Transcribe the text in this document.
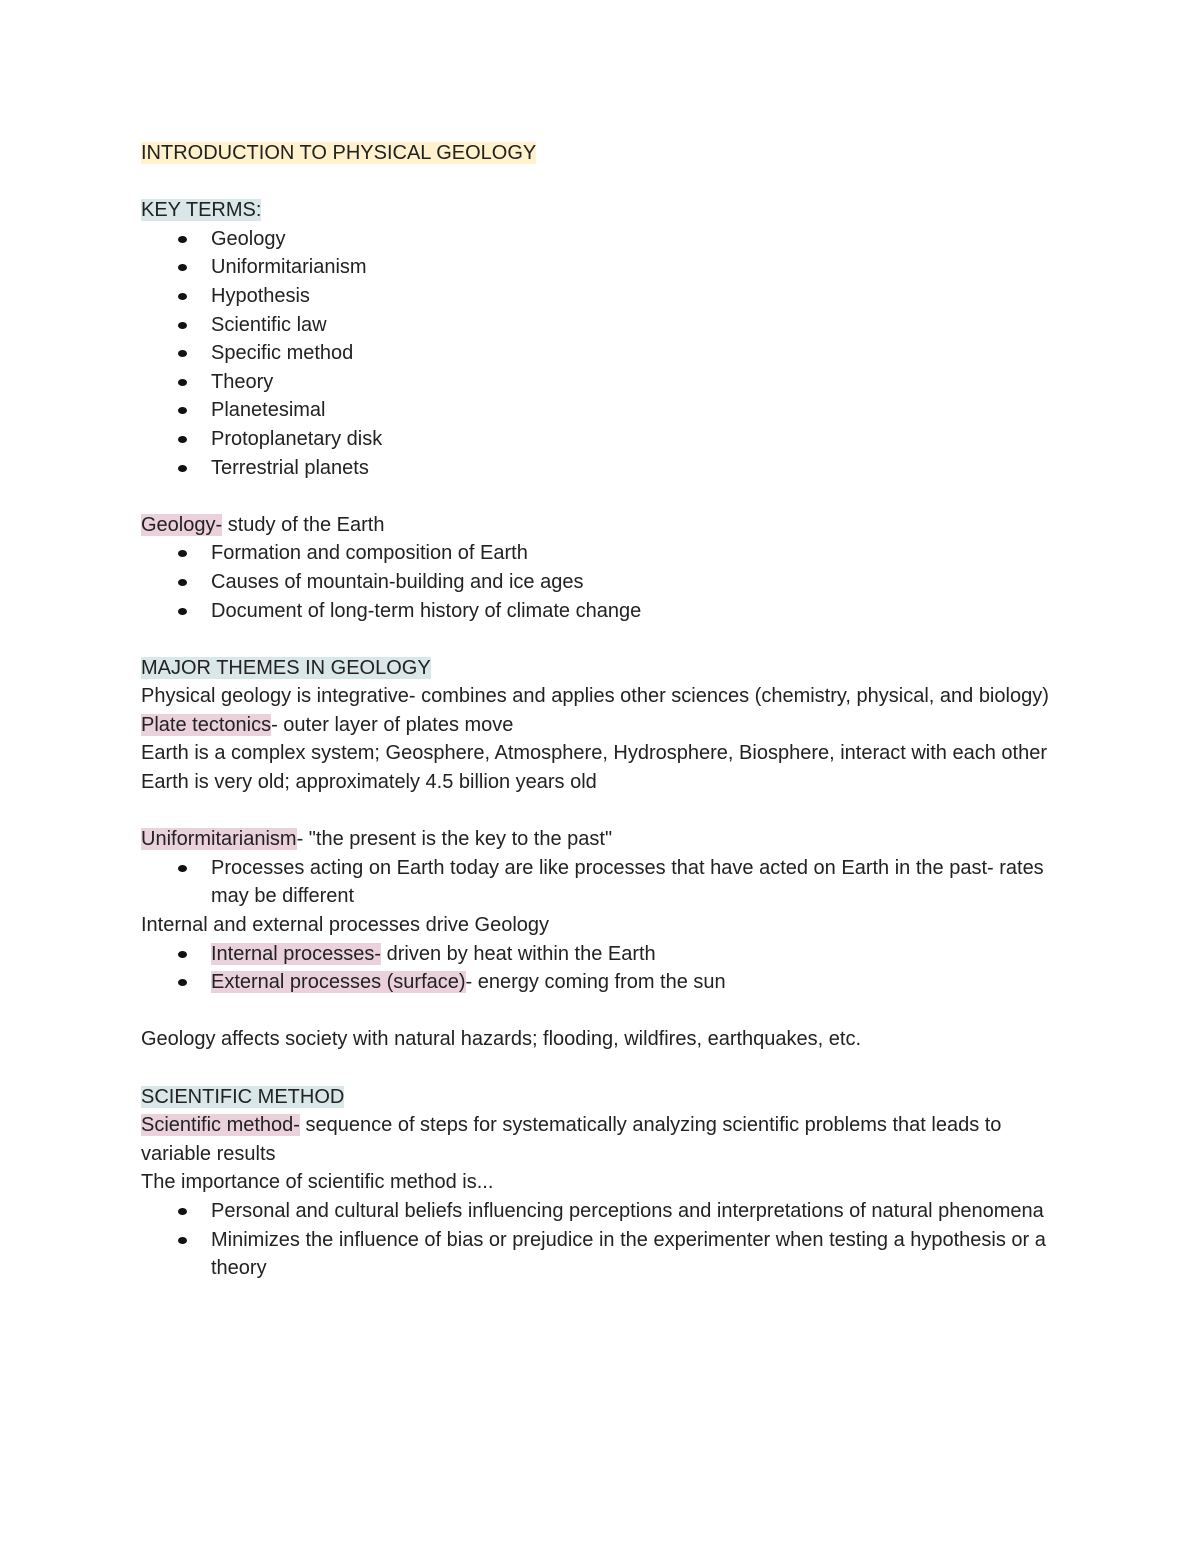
INTRODUCTION TO PHYSICAL GEOLOGY

KEY TERMS:

Geology
Uniformitarianism
Hypothesis
Scientific law
Specific method
Theory
Planetesimal
Protoplanetary disk
Terrestrial planets

Geology- study of the Earth

Formation and composition of Earth
Causes of mountain-building and ice ages
Document of long-term history of climate change

MAJOR THEMES IN GEOLOGY

Physical geology is integrative- combines and applies other sciences (chemistry, physical, and biology)

Plate tectonics- outer layer of plates move

Earth is a complex system; Geosphere, Atmosphere, Hydrosphere, Biosphere, interact with each other

Earth is very old; approximately 4.5 billion years old

Uniformitarianism- "the present is the key to the past"

Processes acting on Earth today are like processes that have acted on Earth in the past- rates may be different

Internal and external processes drive Geology

Internal processes- driven by heat within the Earth
External processes (surface)- energy coming from the sun

Geology affects society with natural hazards; flooding, wildfires, earthquakes, etc.

SCIENTIFIC METHOD

Scientific method- sequence of steps for systematically analyzing scientific problems that leads to variable results

The importance of scientific method is...

Personal and cultural beliefs influencing perceptions and interpretations of natural phenomena
Minimizes the influence of bias or prejudice in the experimenter when testing a hypothesis or a theory
